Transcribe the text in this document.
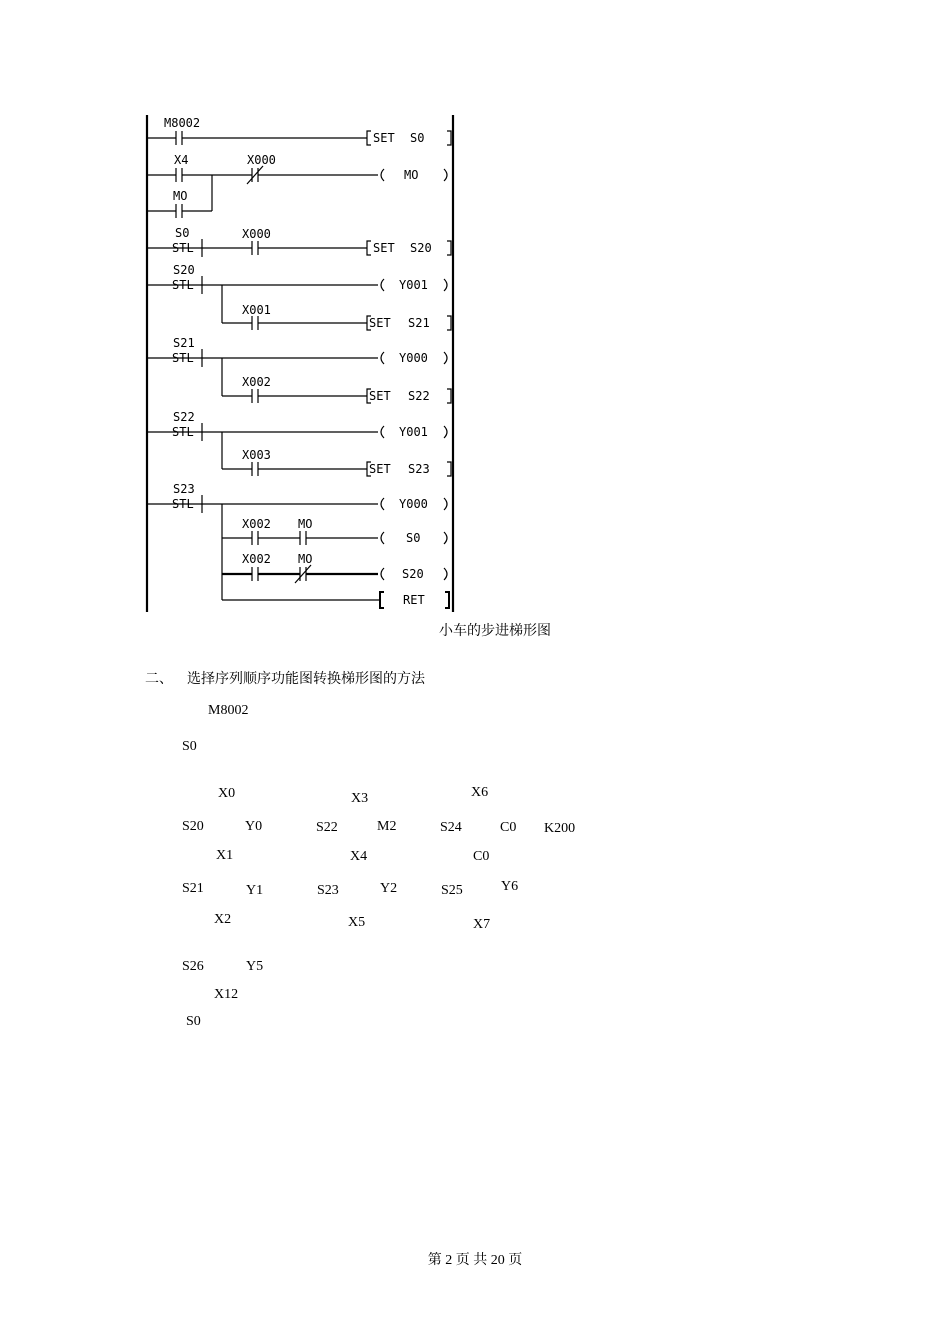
M8002
SET S0
X4	X000
MO
MO
S0
STL
X000
SET S20
S20
STL	Y001
X001
SET S21
S21
STL	Y000
X002
SET S22
S22
STL	Y001
X003
SET S23
S23
STL	Y000
X002 MO
S0
X002 MO
S20
RET
小车的步进梯形图
二、 选择序列顺序功能图转换梯形图的方法
M8002
S0
X0	X3	X6
S20	Y0	S22	M2	S24	C0 K200
X1	X4	C0
S21	Y1	S23	Y2	S25	Y6
X2	X5	X7
S26	Y5
X12
S0
第 2 页 共 20 页
